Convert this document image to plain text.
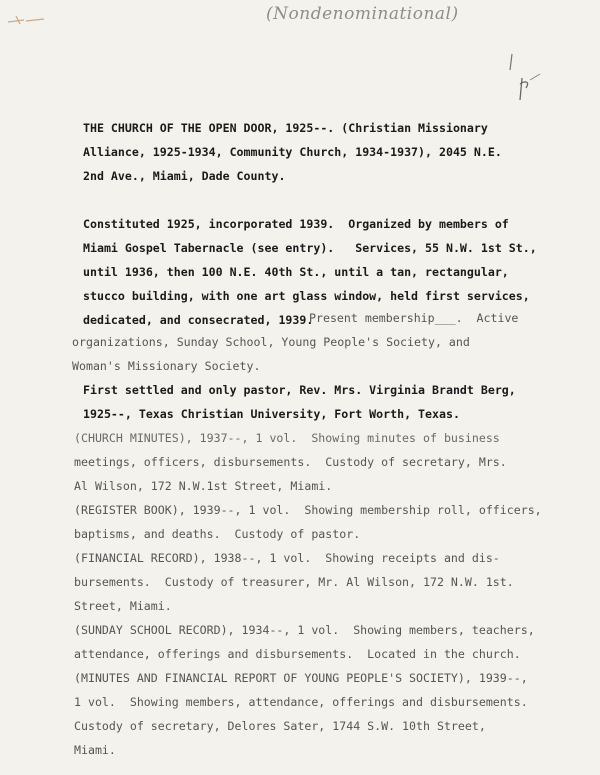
(Nondenominational)
THE CHURCH OF THE OPEN DOOR, 1925--. (Christian Missionary
Alliance, 1925-1934, Community Church, 1934-1937), 2045 N.E.
2nd Ave., Miami, Dade County.
Constituted 1925, incorporated 1939.  Organized by members of
Miami Gospel Tabernacle (see entry).   Services, 55 N.W. 1st St.,
until 1936, then 100 N.E. 40th St., until a tan, rectangular,
stucco building, with one art glass window, held first services,
dedicated, and consecrated, 1939.
Present membership___.  Active
organizations, Sunday School, Young People's Society, and
Woman's Missionary Society.
First settled and only pastor, Rev. Mrs. Virginia Brandt Berg,
1925--, Texas Christian University, Fort Worth, Texas.
(CHURCH MINUTES), 1937--, 1 vol.  Showing minutes of business
meetings, officers, disbursements.  Custody of secretary, Mrs.
Al Wilson, 172 N.W.1st Street, Miami.
(REGISTER BOOK), 1939--, 1 vol.  Showing membership roll, officers,
baptisms, and deaths.  Custody of pastor.
(FINANCIAL RECORD), 1938--, 1 vol.  Showing receipts and dis-
bursements.  Custody of treasurer, Mr. Al Wilson, 172 N.W. 1st.
Street, Miami.
(SUNDAY SCHOOL RECORD), 1934--, 1 vol.  Showing members, teachers,
attendance, offerings and disbursements.  Located in the church.
(MINUTES AND FINANCIAL REPORT OF YOUNG PEOPLE'S SOCIETY), 1939--,
1 vol.  Showing members, attendance, offerings and disbursements.
Custody of secretary, Delores Sater, 1744 S.W. 10th Street,
Miami.
